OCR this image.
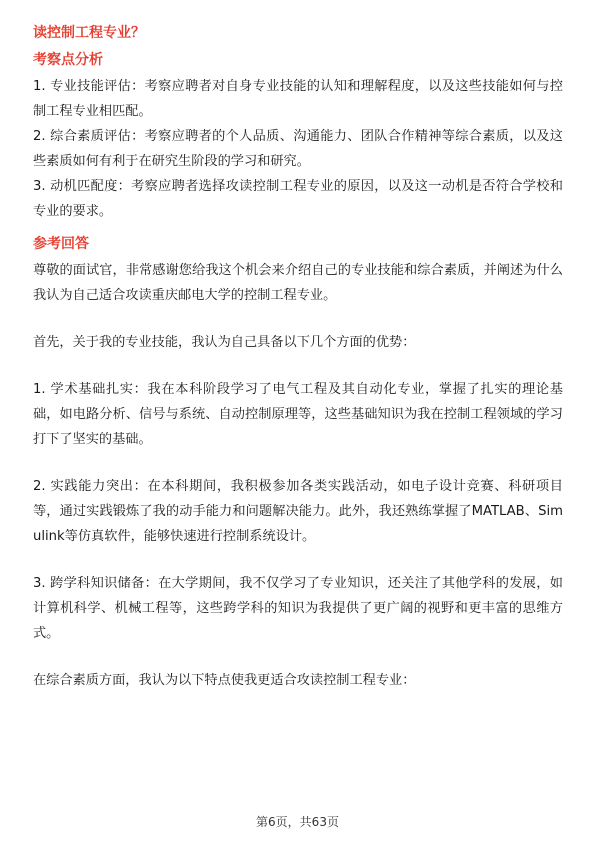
读控制工程专业？
考察点分析

1. 专业技能评估：考察应聘者对自身专业技能的认知和理解程度，以及这些技能如何与控制工程专业相匹配。

2. 综合素质评估：考察应聘者的个人品质、沟通能力、团队合作精神等综合素质，以及这些素质如何有利于在研究生阶段的学习和研究。

3. 动机匹配度：考察应聘者选择攻读控制工程专业的原因，以及这一动机是否符合学校和专业的要求。

参考回答

尊敬的面试官，非常感谢您给我这个机会来介绍自己的专业技能和综合素质，并阐述为什么我认为自己适合攻读重庆邮电大学的控制工程专业。

首先，关于我的专业技能，我认为自己具备以下几个方面的优势：

1. 学术基础扎实：我在本科阶段学习了电气工程及其自动化专业，掌握了扎实的理论基础，如电路分析、信号与系统、自动控制原理等，这些基础知识为我在控制工程领域的学习打下了坚实的基础。

2. 实践能力突出：在本科期间，我积极参加各类实践活动，如电子设计竞赛、科研项目等，通过实践锻炼了我的动手能力和问题解决能力。此外，我还熟练掌握了MATLAB、Simulink等仿真软件，能够快速进行控制系统设计。

3. 跨学科知识储备：在大学期间，我不仅学习了专业知识，还关注了其他学科的发展，如计算机科学、机械工程等，这些跨学科的知识为我提供了更广阔的视野和更丰富的思维方式。

在综合素质方面，我认为以下特点使我更适合攻读控制工程专业：

第6页，共63页
